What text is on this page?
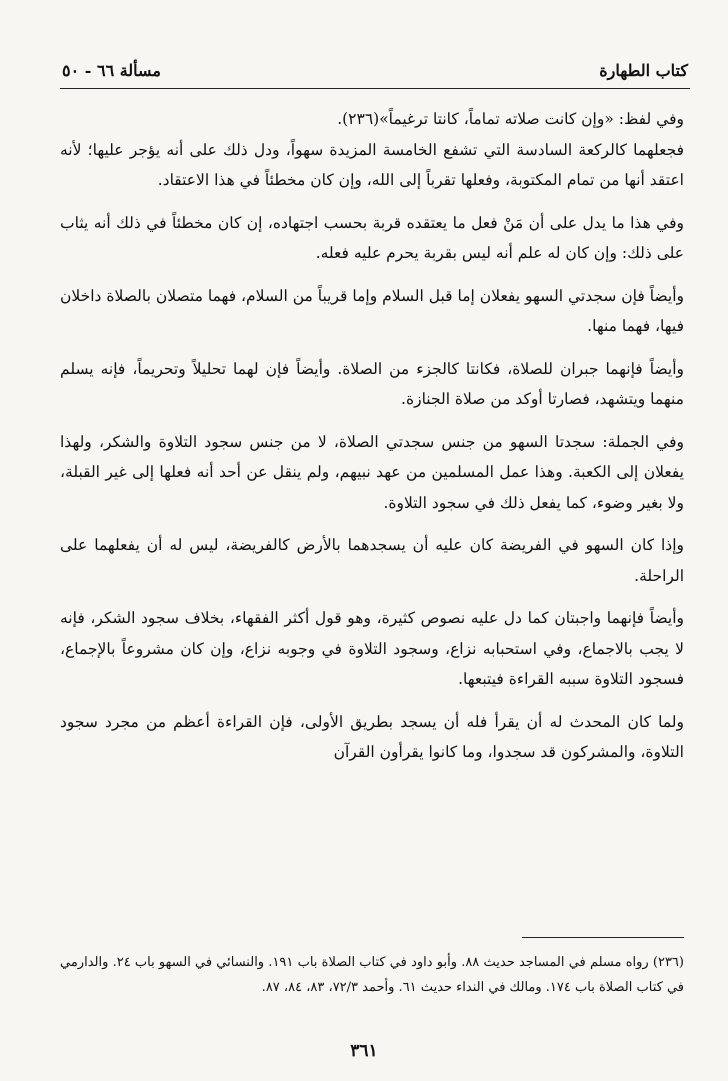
كتاب الطهارة
مسألة ٦٦ - ٥٠

وفي لفظ: «وإن كانت صلاته تماماً، كانتا ترغيماً»(٢٣٦).

فجعلهما كالركعة السادسة التي تشفع الخامسة المزيدة سهواً، ودل ذلك على أنه يؤجر عليها؛ لأنه اعتقد أنها من تمام المكتوبة، وفعلها تقرباً إلى الله، وإن كان مخطئاً في هذا الاعتقاد.

وفي هذا ما يدل على أن مَنْ فعل ما يعتقده قربة بحسب اجتهاده، إن كان مخطئاً في ذلك أنه يثاب على ذلك: وإن كان له علم أنه ليس بقربة يحرم عليه فعله.

وأيضاً فإن سجدتي السهو يفعلان إما قبل السلام وإما قريباً من السلام، فهما متصلان بالصلاة داخلان فيها، فهما منها.

وأيضاً فإنهما جبران للصلاة، فكانتا كالجزء من الصلاة. وأيضاً فإن لهما تحليلاً وتحريماً، فإنه يسلم منهما ويتشهد، فصارتا أوكد من صلاة الجنازة.

وفي الجملة: سجدتا السهو من جنس سجدتي الصلاة، لا من جنس سجود التلاوة والشكر، ولهذا يفعلان إلى الكعبة. وهذا عمل المسلمين من عهد نبيهم، ولم ينقل عن أحد أنه فعلها إلى غير القبلة، ولا بغير وضوء، كما يفعل ذلك في سجود التلاوة.

وإذا كان السهو في الفريضة كان عليه أن يسجدهما بالأرض كالفريضة، ليس له أن يفعلهما على الراحلة.

وأيضاً فإنهما واجبتان كما دل عليه نصوص كثيرة، وهو قول أكثر الفقهاء، بخلاف سجود الشكر، فإنه لا يجب بالاجماع، وفي استحبابه نزاع، وسجود التلاوة في وجوبه نزاع، وإن كان مشروعاً بالإجماع، فسجود التلاوة سببه القراءة فيتبعها.

ولما كان المحدث له أن يقرأ فله أن يسجد بطريق الأولى، فإن القراءة أعظم من مجرد سجود التلاوة، والمشركون قد سجدوا، وما كانوا يقرأون القرآن

(٢٣٦) رواه مسلم في المساجد حديث ٨٨. وأبو داود في كتاب الصلاة باب ١٩١. والنسائي في السهو باب ٢٤. والدارمي في كتاب الصلاة باب ١٧٤. ومالك في النداء حديث ٦١. وأحمد ٧٢/٣، ٨٣، ٨٤، ٨٧.
٣٦١
